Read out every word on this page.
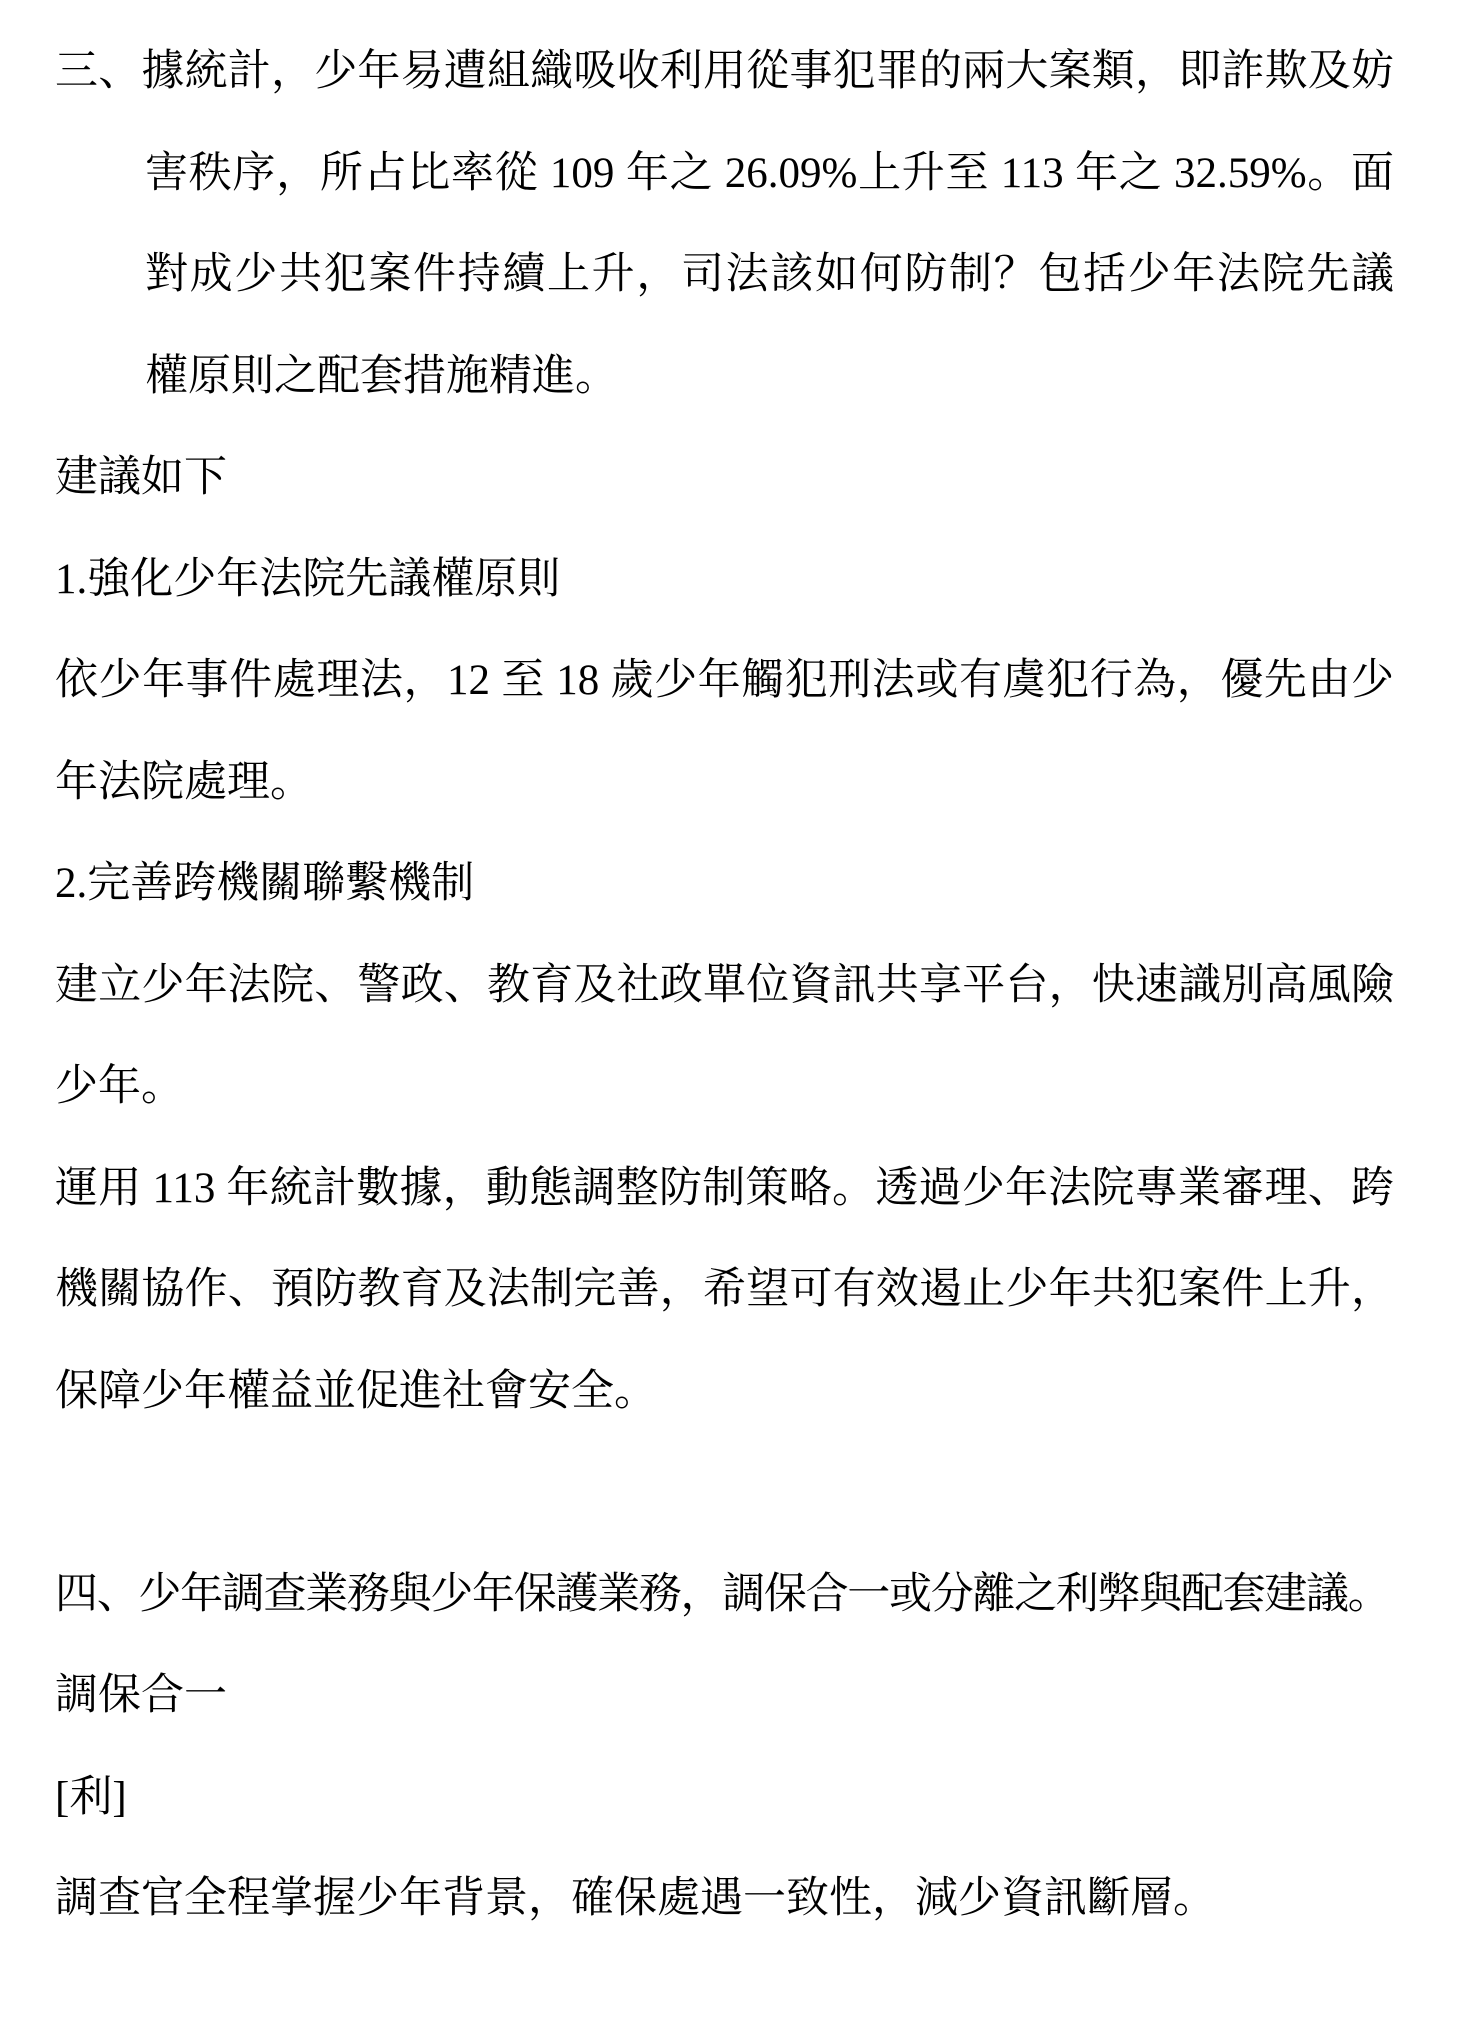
三、據統計，少年易遭組織吸收利用從事犯罪的兩大案類，即詐欺及妨
害秩序，所占比率從 109 年之 26.09%上升至 113 年之 32.59%。面
對成少共犯案件持續上升，司法該如何防制？包括少年法院先議
權原則之配套措施精進。
建議如下
1.強化少年法院先議權原則
依少年事件處理法，12 至 18 歲少年觸犯刑法或有虞犯行為，優先由少
年法院處理。
2.完善跨機關聯繫機制
建立少年法院、警政、教育及社政單位資訊共享平台，快速識別高風險
少年。
運用 113 年統計數據，動態調整防制策略。透過少年法院專業審理、跨
機關協作、預防教育及法制完善，希望可有效遏止少年共犯案件上升，
保障少年權益並促進社會安全。

四、少年調查業務與少年保護業務，調保合一或分離之利弊與配套建議。
調保合一
[利]
調查官全程掌握少年背景，確保處遇一致性，減少資訊斷層。
